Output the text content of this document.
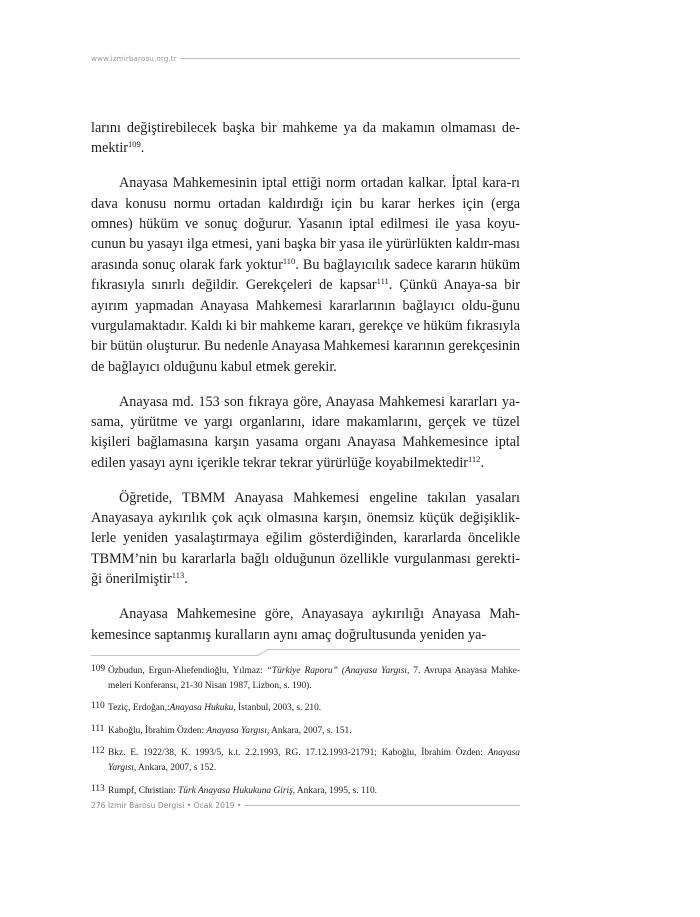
www.izmirbarosu.org.tr

larını değiştirebilecek başka bir mahkeme ya da makamın olmaması de-mektir$^{109}$.

Anayasa Mahkemesinin iptal ettiği norm ortadan kalkar. İptal kara-rı dava konusu normu ortadan kaldırdığı için bu karar herkes için (erga omnes) hüküm ve sonuç doğurur. Yasanın iptal edilmesi ile yasa koyu-cunun bu yasayı ilga etmesi, yani başka bir yasa ile yürürlükten kaldır-ması arasında sonuç olarak fark yoktur$^{110}$. Bu bağlayıcılık sadece kararın hüküm fıkrasıyla sınırlı değildir. Gerekçeleri de kapsar$^{111}$. Çünkü Anaya-sa bir ayırım yapmadan Anayasa Mahkemesi kararlarının bağlayıcı oldu-ğunu vurgulamaktadır. Kaldı ki bir mahkeme kararı, gerekçe ve hüküm fıkrasıyla bir bütün oluşturur. Bu nedenle Anayasa Mahkemesi kararının gerekçesinin de bağlayıcı olduğunu kabul etmek gerekir.

Anayasa md. 153 son fıkraya göre, Anayasa Mahkemesi kararları ya-sama, yürütme ve yargı organlarını, idare makamlarını, gerçek ve tüzel kişileri bağlamasına karşın yasama organı Anayasa Mahkemesince iptal edilen yasayı aynı içerikle tekrar tekrar yürürlüğe koyabilmektedir$^{112}$.

Öğretide, TBMM Anayasa Mahkemesi engeline takılan yasaları Anayasaya aykırılık çok açık olmasına karşın, önemsiz küçük değişiklik-lerle yeniden yasalaştırmaya eğilim gösterdiğinden, kararlarda öncelikle TBMM’nin bu kararlarla bağlı olduğunun özellikle vurgulanması gerekti-ği önerilmiştir$^{113}$.

Anayasa Mahkemesine göre, Anayasaya aykırılığı Anayasa Mah-kemesince saptanmış kuralların aynı amaç doğrultusunda yeniden ya-

109 Özbudun, Ergun-Alıefendioğlu, Yılmaz: “Türkiye Raporu” (Anayasa Yargısı, 7. Avrupa Anayasa Mahke-meleri Konferansı, 21-30 Nisan 1987, Lizbon, s. 190).
110 Teziç, Erdoğan,:Anayasa Hukuku, İstanbul, 2003, s. 210.
111 Kaboğlu, İbrahim Özden: Anayasa Yargısı, Ankara, 2007, s. 151.
112 Bkz. E. 1922/38, K. 1993/5, k.t. 2.2.1993, RG. 17.12.1993-21791; Kaboğlu, İbrahim Özden: Anayasa Yargısı, Ankara, 2007, s 152.
113 Rumpf, Christian: Türk Anayasa Hukukuna Giriş, Ankara, 1995, s. 110.
276 İzmir Barosu Dergisi • Ocak 2019 •
